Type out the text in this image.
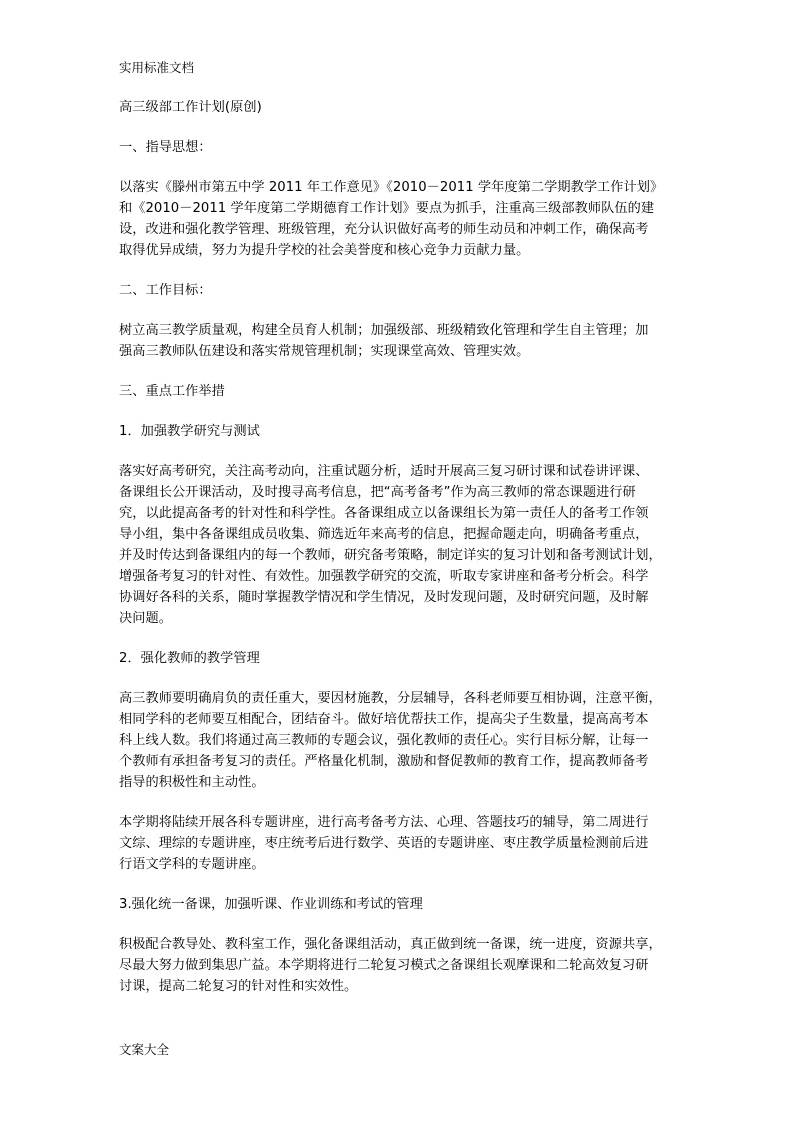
实用标准文档
高三级部工作计划(原创)
一、指导思想：
以落实《滕州市第五中学 2011 年工作意见》《2010－2011 学年度第二学期教学工作计划》
和《2010－2011 学年度第二学期德育工作计划》要点为抓手，注重高三级部教师队伍的建
设，改进和强化教学管理、班级管理，充分认识做好高考的师生动员和冲刺工作，确保高考
取得优异成绩，努力为提升学校的社会美誉度和核心竞争力贡献力量。
二、工作目标：
树立高三教学质量观，构建全员育人机制；加强级部、班级精致化管理和学生自主管理；加
强高三教师队伍建设和落实常规管理机制；实现课堂高效、管理实效。
三、重点工作举措
1．加强教学研究与测试
落实好高考研究，关注高考动向，注重试题分析，适时开展高三复习研讨课和试卷讲评课、
备课组长公开课活动，及时搜寻高考信息，把“高考备考”作为高三教师的常态课题进行研
究，以此提高备考的针对性和科学性。各备课组成立以备课组长为第一责任人的备考工作领
导小组，集中各备课组成员收集、筛选近年来高考的信息，把握命题走向，明确备考重点，
并及时传达到备课组内的每一个教师，研究备考策略，制定详实的复习计划和备考测试计划，
增强备考复习的针对性、有效性。加强教学研究的交流，听取专家讲座和备考分析会。科学
协调好各科的关系，随时掌握教学情况和学生情况，及时发现问题，及时研究问题，及时解
决问题。
2．强化教师的教学管理
高三教师要明确肩负的责任重大，要因材施教，分层辅导，各科老师要互相协调，注意平衡，
相同学科的老师要互相配合，团结奋斗。做好培优帮扶工作，提高尖子生数量，提高高考本
科上线人数。我们将通过高三教师的专题会议，强化教师的责任心。实行目标分解，让每一
个教师有承担备考复习的责任。严格量化机制，激励和督促教师的教育工作，提高教师备考
指导的积极性和主动性。
本学期将陆续开展各科专题讲座，进行高考备考方法、心理、答题技巧的辅导，第二周进行
文综、理综的专题讲座，枣庄统考后进行数学、英语的专题讲座、枣庄教学质量检测前后进
行语文学科的专题讲座。
3.强化统一备课，加强听课、作业训练和考试的管理
积极配合教导处、教科室工作，强化备课组活动，真正做到统一备课，统一进度，资源共享，
尽最大努力做到集思广益。本学期将进行二轮复习模式之备课组长观摩课和二轮高效复习研
讨课，提高二轮复习的针对性和实效性。
文案大全
